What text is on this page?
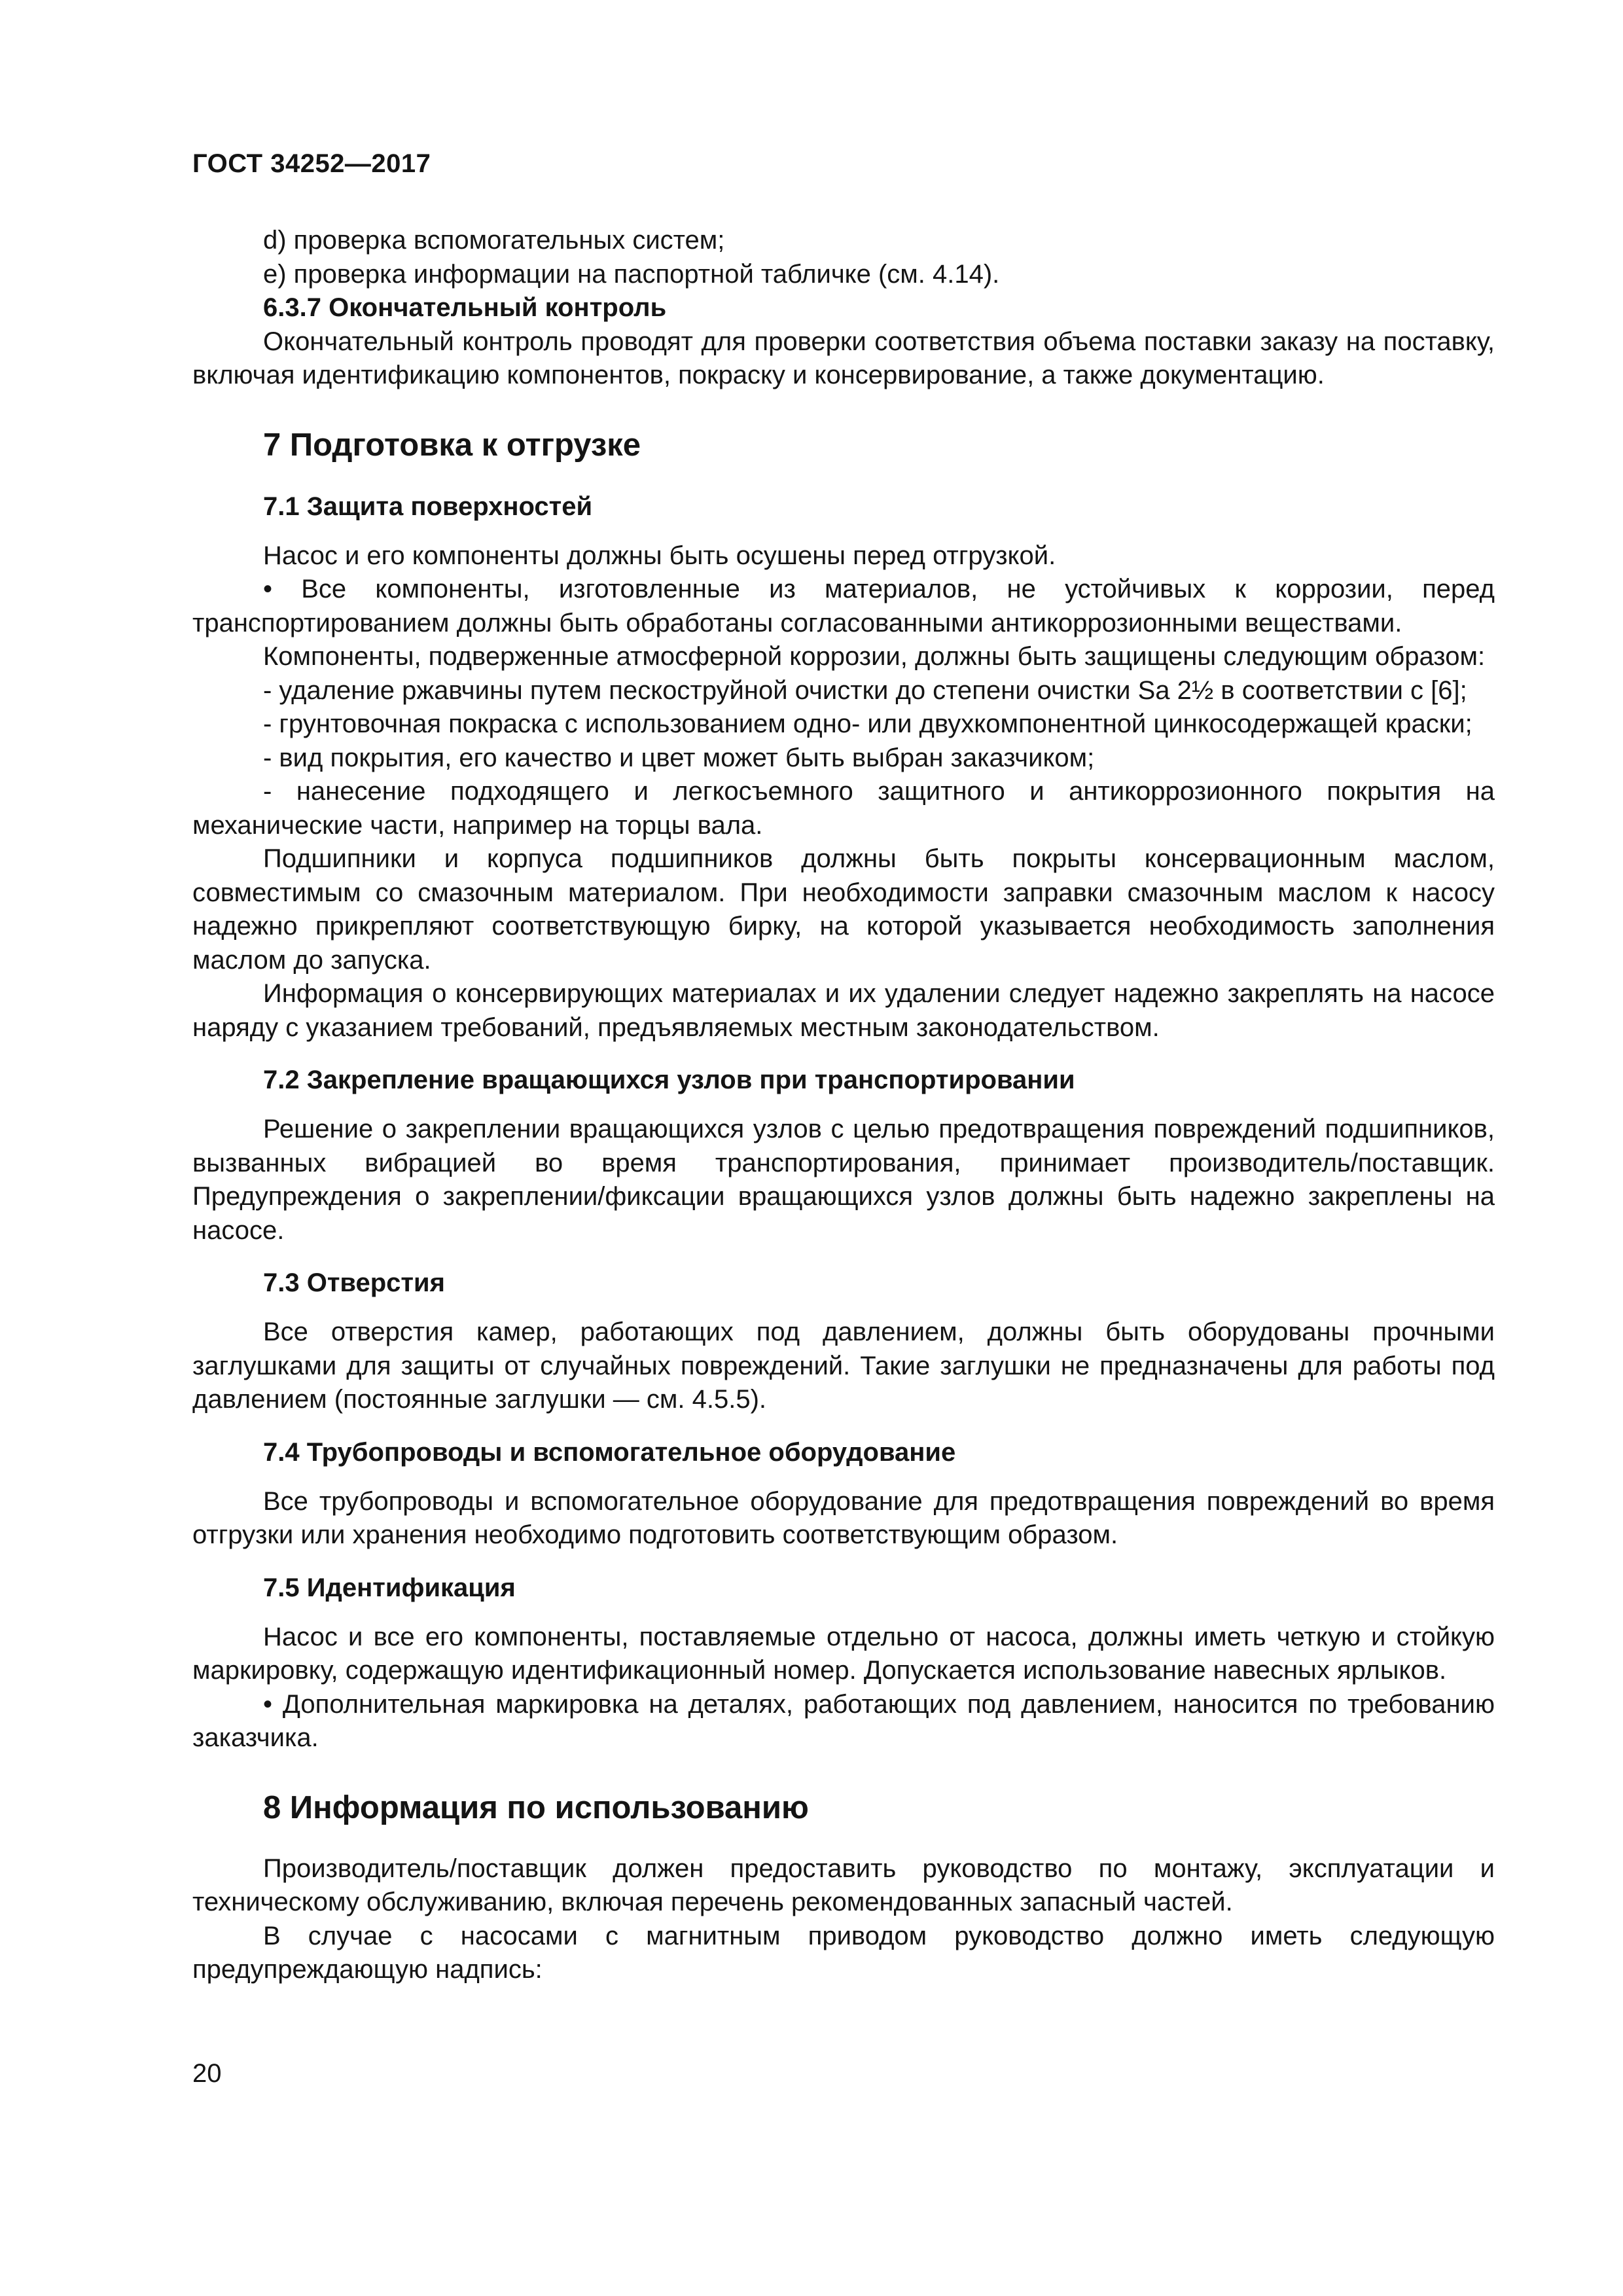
ГОСТ 34252—2017

d) проверка вспомогательных систем;

e) проверка информации на паспортной табличке (см. 4.14).

6.3.7 Окончательный контроль

Окончательный контроль проводят для проверки соответствия объема поставки заказу на поставку, включая идентификацию компонентов, покраску и консервирование, а также документацию.

7 Подготовка к отгрузке
7.1 Защита поверхностей

Насос и его компоненты должны быть осушены перед отгрузкой.

• Все компоненты, изготовленные из материалов, не устойчивых к коррозии, перед транспортированием должны быть обработаны согласованными антикоррозионными веществами.

Компоненты, подверженные атмосферной коррозии, должны быть защищены следующим образом:

- удаление ржавчины путем пескоструйной очистки до степени очистки Sa 2½ в соответствии с [6];

- грунтовочная покраска с использованием одно- или двухкомпонентной цинкосодержащей краски;

- вид покрытия, его качество и цвет может быть выбран заказчиком;

- нанесение подходящего и легкосъемного защитного и антикоррозионного покрытия на механические части, например на торцы вала.

Подшипники и корпуса подшипников должны быть покрыты консервационным маслом, совместимым со смазочным материалом. При необходимости заправки смазочным маслом к насосу надежно прикрепляют соответствующую бирку, на которой указывается необходимость заполнения маслом до запуска.

Информация о консервирующих материалах и их удалении следует надежно закреплять на насосе наряду с указанием требований, предъявляемых местным законодательством.

7.2 Закрепление вращающихся узлов при транспортировании

Решение о закреплении вращающихся узлов с целью предотвращения повреждений подшипников, вызванных вибрацией во время транспортирования, принимает производитель/поставщик. Предупреждения о закреплении/фиксации вращающихся узлов должны быть надежно закреплены на насосе.

7.3 Отверстия

Все отверстия камер, работающих под давлением, должны быть оборудованы прочными заглушками для защиты от случайных повреждений. Такие заглушки не предназначены для работы под давлением (постоянные заглушки — см. 4.5.5).

7.4 Трубопроводы и вспомогательное оборудование

Все трубопроводы и вспомогательное оборудование для предотвращения повреждений во время отгрузки или хранения необходимо подготовить соответствующим образом.

7.5 Идентификация

Насос и все его компоненты, поставляемые отдельно от насоса, должны иметь четкую и стойкую маркировку, содержащую идентификационный номер. Допускается использование навесных ярлыков.

• Дополнительная маркировка на деталях, работающих под давлением, наносится по требованию заказчика.

8 Информация по использованию

Производитель/поставщик должен предоставить руководство по монтажу, эксплуатации и техническому обслуживанию, включая перечень рекомендованных запасный частей.

В случае с насосами с магнитным приводом руководство должно иметь следующую предупреждающую надпись:

20
